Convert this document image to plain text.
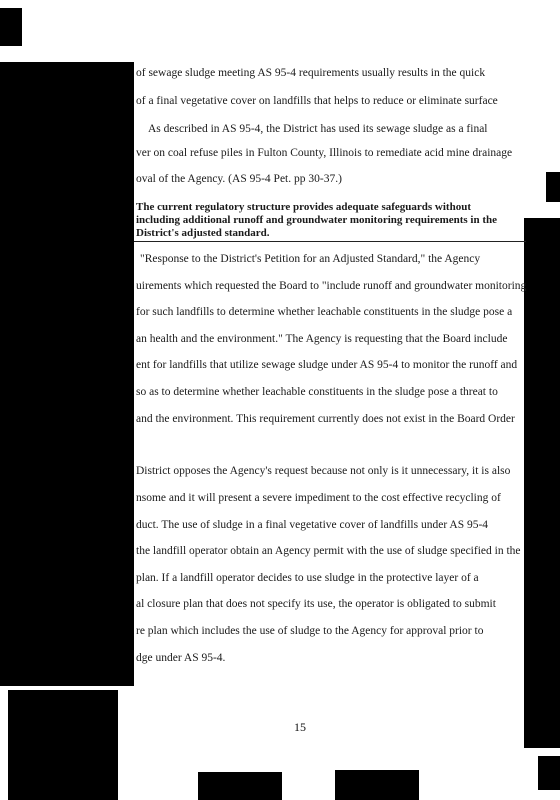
of sewage sludge meeting AS 95-4 requirements usually results in the quick
of a final vegetative cover on landfills that helps to reduce or eliminate surface
As described in AS 95-4, the District has used its sewage sludge as a final
ver on coal refuse piles in Fulton County, Illinois to remediate acid mine drainage
oval of the Agency. (AS 95-4 Pet. pp 30-37.)
The current regulatory structure provides adequate safeguards without
including additional runoff and groundwater monitoring requirements in the
District's adjusted standard.
"Response to the District's Petition for an Adjusted Standard," the Agency
uirements which requested the Board to "include runoff and groundwater monitoring
for such landfills to determine whether leachable constituents in the sludge pose a
an health and the environment." The Agency is requesting that the Board include
ent for landfills that utilize sewage sludge under AS 95-4 to monitor the runoff and
so as to determine whether leachable constituents in the sludge pose a threat to
and the environment. This requirement currently does not exist in the Board Order
District opposes the Agency's request because not only is it unnecessary, it is also
nsome and it will present a severe impediment to the cost effective recycling of
duct. The use of sludge in a final vegetative cover of landfills under AS 95-4
the landfill operator obtain an Agency permit with the use of sludge specified in the
plan. If a landfill operator decides to use sludge in the protective layer of a
al closure plan that does not specify its use, the operator is obligated to submit
re plan which includes the use of sludge to the Agency for approval prior to
dge under AS 95-4.
15
